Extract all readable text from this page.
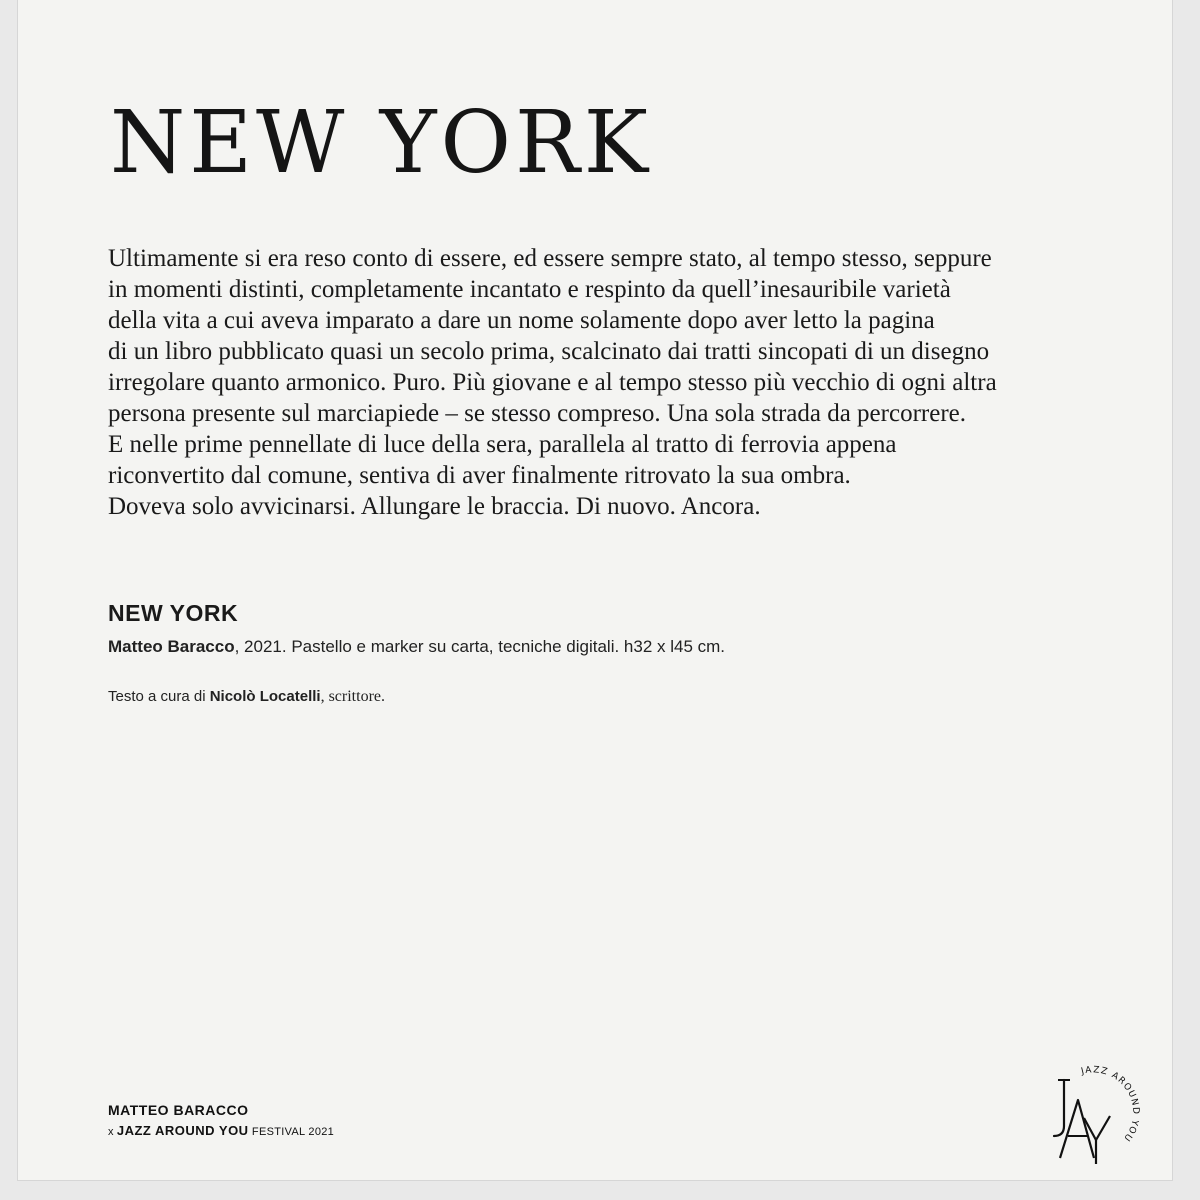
NEW YORK

Ultimamente si era reso conto di essere, ed essere sempre stato, al tempo stesso, seppure
in momenti distinti, completamente incantato e respinto da quell’inesauribile varietà
della vita a cui aveva imparato a dare un nome solamente dopo aver letto la pagina
di un libro pubblicato quasi un secolo prima, scalcinato dai tratti sincopati di un disegno
irregolare quanto armonico. Puro. Più giovane e al tempo stesso più vecchio di ogni altra
persona presente sul marciapiede – se stesso compreso. Una sola strada da percorrere.
E nelle prime pennellate di luce della sera, parallela al tratto di ferrovia appena
riconvertito dal comune, sentiva di aver finalmente ritrovato la sua ombra.
Doveva solo avvicinarsi. Allungare le braccia. Di nuovo. Ancora.

NEW YORK

Matteo Baracco, 2021. Pastello e marker su carta, tecniche digitali. h32 x l45 cm.

Testo a cura di Nicolò Locatelli, scrittore.

MATTEO BARACCO

x JAZZ AROUND YOU FESTIVAL 2021

JAZZ AROUND YOU
